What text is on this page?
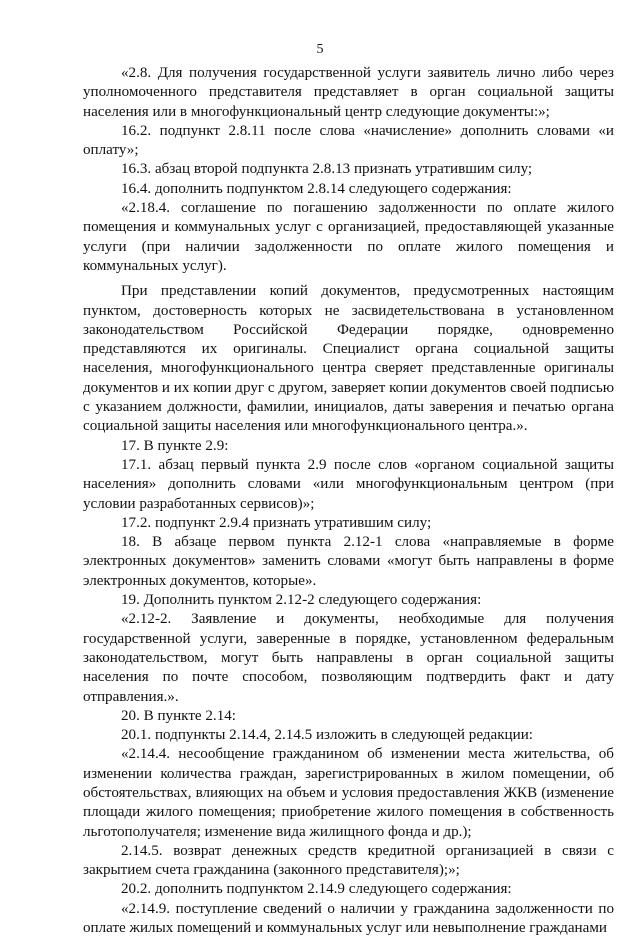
5

«2.8. Для получения государственной услуги заявитель лично либо через уполномоченного представителя представляет в орган социальной защиты населения или в многофункциональный центр следующие документы:»;

16.2. подпункт 2.8.11 после слова «начисление» дополнить словами «и оплату»;

16.3. абзац второй подпункта 2.8.13 признать утратившим силу;

16.4. дополнить подпунктом 2.8.14 следующего содержания:

«2.18.4. соглашение по погашению задолженности по оплате жилого помещения и коммунальных услуг с организацией, предоставляющей указанные услуги (при наличии задолженности по оплате жилого помещения и коммунальных услуг).

При представлении копий документов, предусмотренных настоящим пунктом, достоверность которых не засвидетельствована в установленном законодательством Российской Федерации порядке, одновременно представляются их оригиналы. Специалист органа социальной защиты населения, многофункционального центра сверяет представленные оригиналы документов и их копии друг с другом, заверяет копии документов своей подписью с указанием должности, фамилии, инициалов, даты заверения и печатью органа социальной защиты населения или многофункционального центра.».

17. В пункте 2.9:

17.1. абзац первый пункта 2.9 после слов «органом социальной защиты населения» дополнить словами «или многофункциональным центром (при условии разработанных сервисов)»;

17.2. подпункт 2.9.4 признать утратившим силу;

18. В абзаце первом пункта 2.12-1 слова «направляемые в форме электронных документов» заменить словами «могут быть направлены в форме электронных документов, которые».

19. Дополнить пунктом 2.12-2 следующего содержания:

«2.12-2. Заявление и документы, необходимые для получения государственной услуги, заверенные в порядке, установленном федеральным законодательством, могут быть направлены в орган социальной защиты населения по почте способом, позволяющим подтвердить факт и дату отправления.».

20. В пункте 2.14:

20.1. подпункты 2.14.4, 2.14.5 изложить в следующей редакции:

«2.14.4. несообщение гражданином об изменении места жительства, об изменении количества граждан, зарегистрированных в жилом помещении, об обстоятельствах, влияющих на объем и условия предоставления ЖКВ (изменение площади жилого помещения; приобретение жилого помещения в собственность льготополучателя; изменение вида жилищного фонда и др.);

2.14.5. возврат денежных средств кредитной организацией в связи с закрытием счета гражданина (законного представителя);»;

20.2. дополнить подпунктом 2.14.9 следующего содержания:

«2.14.9. поступление сведений о наличии у гражданина задолженности по оплате жилых помещений и коммунальных услуг или невыполнение гражданами
